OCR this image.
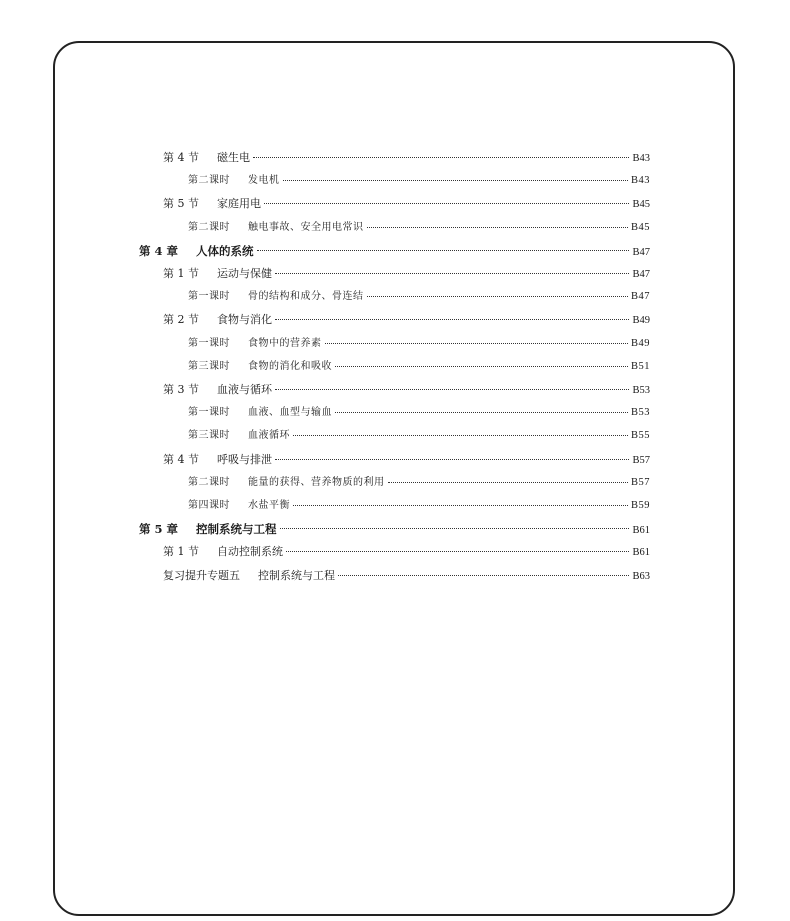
第 4 节	磁生电	B43
第二课时	发电机	B43
第 5 节	家庭用电	B45
第二课时	触电事故、安全用电常识	B45
第 4 章	人体的系统	B47
第 1 节	运动与保健	B47
第一课时	骨的结构和成分、骨连结	B47
第 2 节	食物与消化	B49
第一课时	食物中的营养素	B49
第三课时	食物的消化和吸收	B51
第 3 节	血液与循环	B53
第一课时	血液、血型与输血	B53
第三课时	血液循环	B55
第 4 节	呼吸与排泄	B57
第二课时	能量的获得、营养物质的利用	B57
第四课时	水盐平衡	B59
第 5 章	控制系统与工程	B61
第 1 节	自动控制系统	B61
复习提升专题五	控制系统与工程	B63
